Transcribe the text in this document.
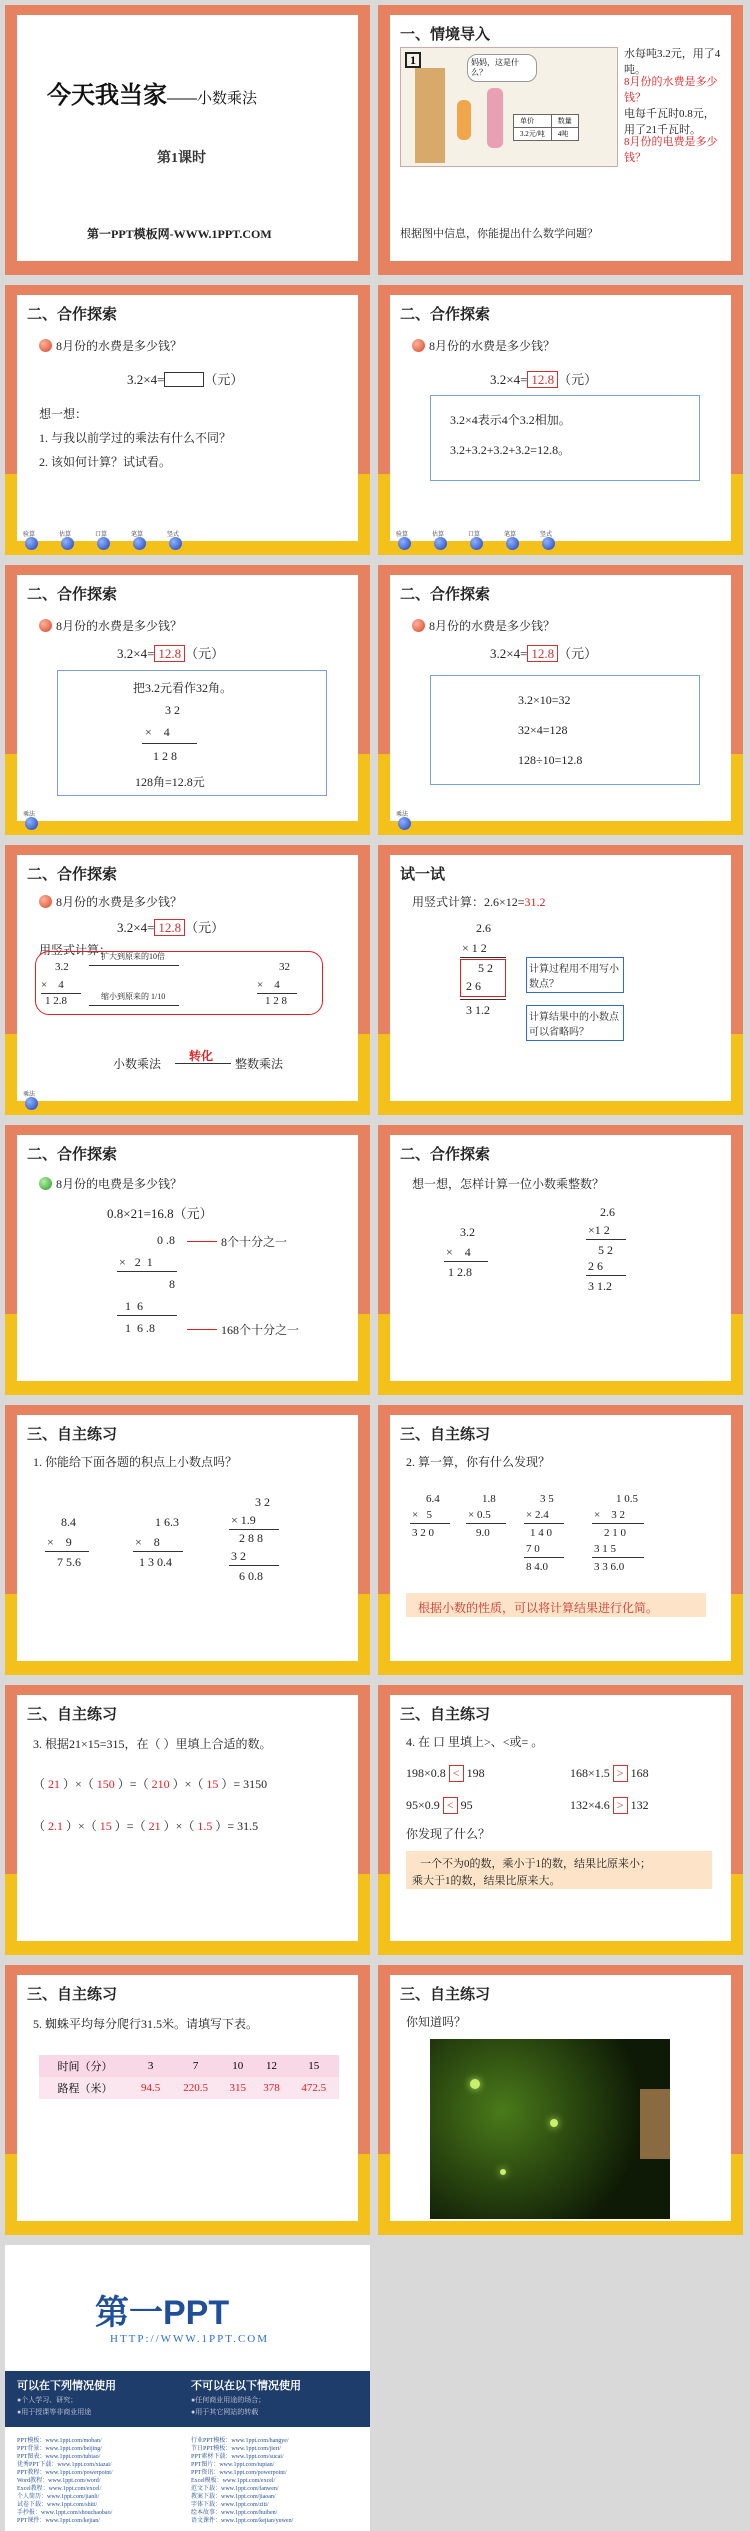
今天我当家——小数乘法
第1课时
第一PPT模板网-WWW.1PPT.COM
一、情境导入
1	妈妈，这是什么？
单价	数量
3.2元/吨	4吨
水每吨3.2元，用了4吨。
8月份的水费是多少钱？
电每千瓦时0.8元，用了21千瓦时。
8月份的电费是多少钱？
根据图中信息，你能提出什么数学问题？
二、合作探索
8月份的水费是多少钱？
3.2×4=	（元）
想一想：
1. 与我以前学过的乘法有什么不同？
2. 该如何计算？试试看。
验算	估算	口算	笔算	竖式
二、合作探索
8月份的水费是多少钱？
3.2×4= 12.8 （元）
3.2×4表示4个3.2相加。
3.2+3.2+3.2+3.2=12.8。
验算	估算	口算	笔算	竖式
二、合作探索
8月份的水费是多少钱？
3.2×4= 12.8 （元）
把3.2元看作32角。
3 2
×    4
1 2 8
128角=12.8元
乘法
二、合作探索
8月份的水费是多少钱？
3.2×4= 12.8 （元）
3.2×10=32
32×4=128
128÷10=12.8
乘法
二、合作探索
8月份的水费是多少钱？
3.2×4= 12.8 （元）
用竖式计算：
3.2
×    4
1 2.8
扩大到原来的10倍
缩小到原来的 1/10
32
×    4
1 2 8
小数乘法
转化
整数乘法
乘法
试一试
用竖式计算：2.6×12=31.2
2.6
× 1 2
5 2
2 6
3 1.2
计算过程用不用写小数点？
计算结果中的小数点可以省略吗？
二、合作探索
8月份的电费是多少钱？
0.8×21=16.8（元）
0 .8	8个十分之一
×   2  1
8
1  6
1  6 .8	168个十分之一
二、合作探索
想一想，怎样计算一位小数乘整数？
3.2
×    4
1 2.8
2.6
×1 2
5 2
2 6
3 1.2
三、自主练习
1. 你能给下面各题的积点上小数点吗？
8.4
×    9
7 5.6
1 6.3
×    8
1 3 0.4
3 2
× 1.9
2 8 8
3 2
6 0.8
三、自主练习
2. 算一算，你有什么发现？
6.4
×   5
3 2 0
1.8
× 0.5
9.0
3 5
× 2.4
1 4 0
7 0
8 4.0
1 0.5
×    3 2
2 1 0
3 1 5
3 3 6.0
根据小数的性质，可以将计算结果进行化简。
三、自主练习
3. 根据21×15=315，在（ ）里填上合适的数。
（ 21 ）×（ 150 ）=（ 210 ）×（ 15 ）= 3150
（ 2.1 ）×（ 15 ）=（ 21 ）×（ 1.5 ）= 31.5
三、自主练习
4. 在 口 里填上>、<或= 。
198×0.8 < 198	168×1.5 > 168
95×0.9 < 95	132×4.6 > 132
你发现了什么？
一个不为0的数，乘小于1的数，结果比原来小；
乘大于1的数，结果比原来大。
三、自主练习
5. 蜘蛛平均每分爬行31.5米。请填写下表。
时间（分）	3	7	10	12	15
路程（米）	94.5	220.5	315	378	472.5
三、自主练习
你知道吗？
第一PPT
HTTP://WWW.1PPT.COM
可以在下列情况使用
●个人学习、研究；
●用于授课等非商业用途
不可以在以下情况使用
●任何商业用途的场合；
●用于其它网站的转载
PPT模板：www.1ppt.com/moban/
PPT背景：www.1ppt.com/beijing/
PPT图表：www.1ppt.com/tubiao/
优秀PPT下载：www.1ppt.com/xiazai/
PPT教程：www.1ppt.com/powerpoint/
Word教程：www.1ppt.com/word/
Excel教程：www.1ppt.com/excel/
个人简历：www.1ppt.com/jianli/
试卷下载：www.1ppt.com/shiti/
手抄报：www.1ppt.com/shouchaobao/
PPT课件：www.1ppt.com/kejian/
行业PPT模板：www.1ppt.com/hangye/
节日PPT模板：www.1ppt.com/jieri/
PPT素材下载：www.1ppt.com/sucai/
PPT图片：www.1ppt.com/tupian/
PPT资讯：www.1ppt.com/powerpoint/
Excel模板：www.1ppt.com/excel/
范文下载：www.1ppt.com/fanwen/
教案下载：www.1ppt.com/jiaoan/
字体下载：www.1ppt.com/ziti/
绘本故事：www.1ppt.com/huiben/
语文课件：www.1ppt.com/kejian/yuwen/
